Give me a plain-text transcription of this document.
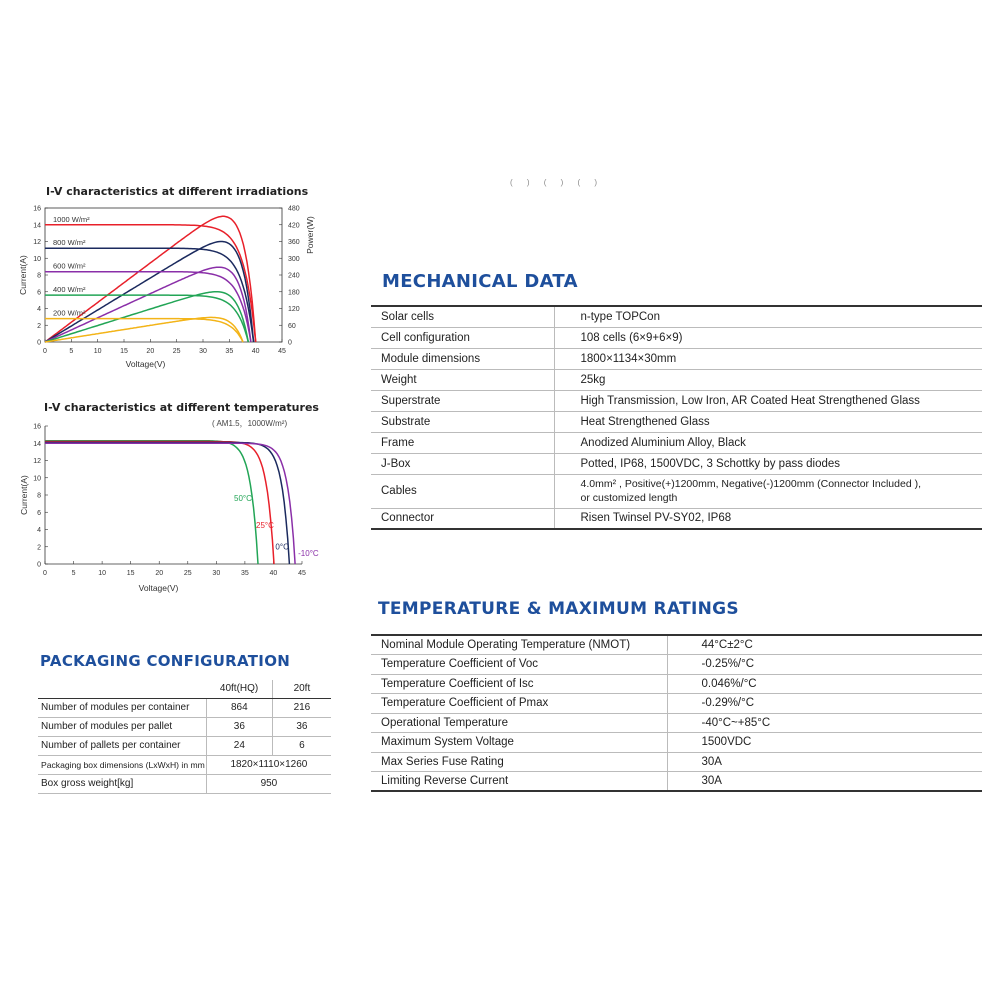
( ) ( ) ( )
I-V characteristics at different irradiations
0
2
4
6
8
10
12
14
16
0
60
120
180
240
300
360
420
480
0	5	10	15	20	25	30	35	40	45
Voltage(V)
Current(A)
Power(W)
1000 W/m²
800 W/m²
600 W/m²
400 W/m²
200 W/m²
I-V characteristics at different temperatures
( AM1.5，1000W/m²)
0
2
4
6
8
10
12
14
16
0	5	10	15	20	25	30	35	40	45
Voltage(V)
Current(A)	50°C
25°C
0°C
-10°C
MECHANICAL DATA
Solar cells	n-type TOPCon
Cell configuration	108 cells (6×9+6×9)
Module dimensions	1800×1134×30mm
Weight	25kg
Superstrate	High Transmission, Low Iron, AR Coated Heat Strengthened Glass
Substrate	Heat Strengthened Glass
Frame	Anodized Aluminium Alloy, Black
J-Box	Potted, IP68, 1500VDC, 3 Schottky by pass diodes
Cables	4.0mm² , Positive(+)1200mm, Negative(-)1200mm (Connector Included ),
or customized length

Connector	Risen Twinsel PV-SY02, IP68
TEMPERATURE & MAXIMUM RATINGS
Nominal Module Operating Temperature (NMOT)	44°C±2°C
Temperature Coefficient of Voc	-0.25%/°C
Temperature Coefficient of Isc	0.046%/°C
Temperature Coefficient of Pmax	-0.29%/°C
Operational Temperature	-40°C~+85°C
Maximum System Voltage	1500VDC
Max Series Fuse Rating	30A
Limiting Reverse Current	30A
PACKAGING CONFIGURATION
	40ft(HQ)	20ft
Number of modules per container	864	216
Number of modules per pallet	36	36
Number of pallets per container	24	6
Packaging box dimensions (LxWxH) in mm	1820×1110×1260	
Box gross weight[kg]	950	
